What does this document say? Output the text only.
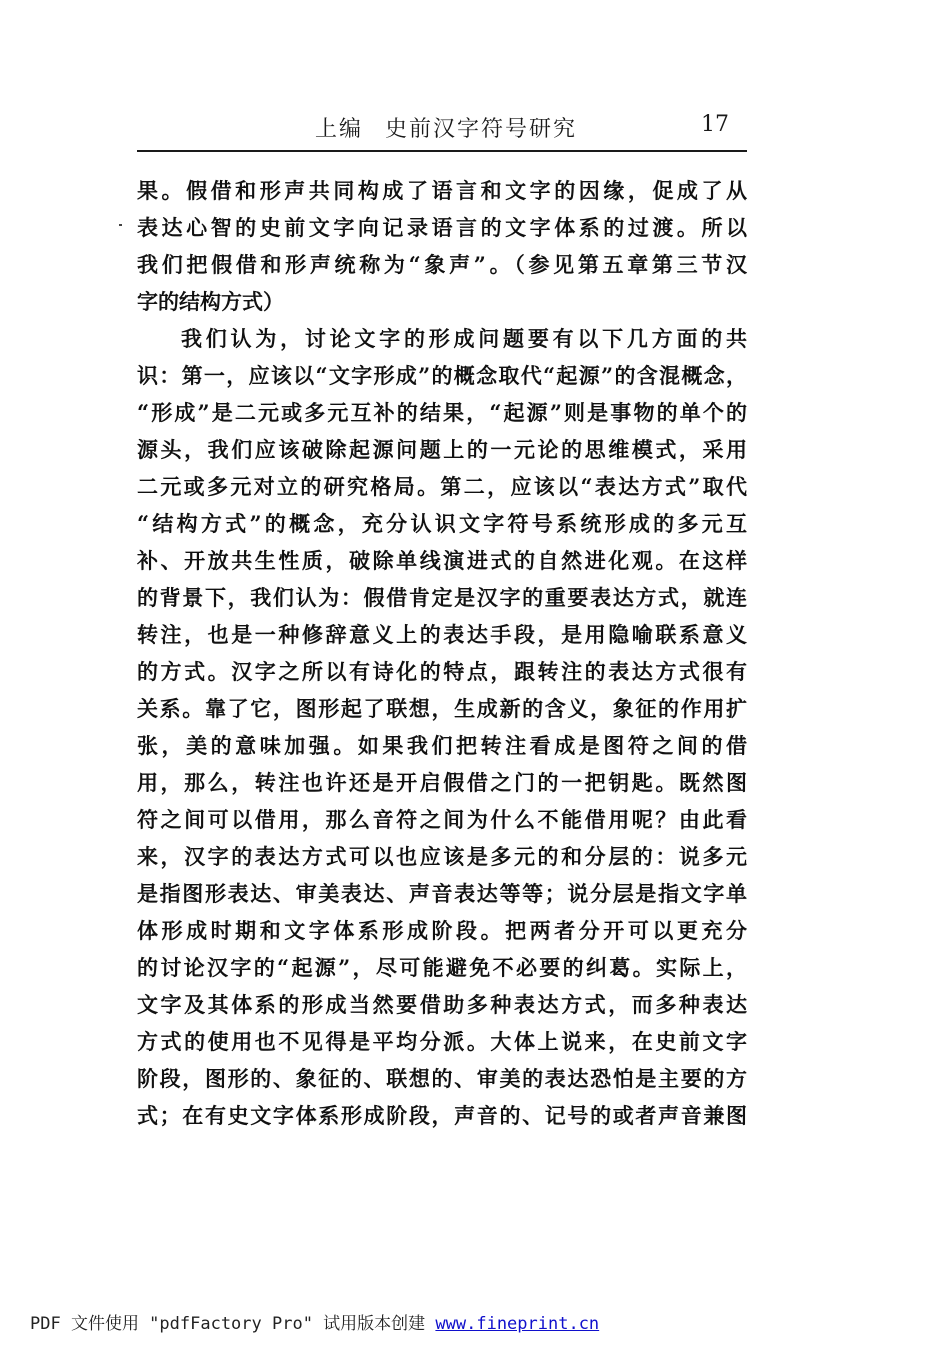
上编 史前汉字符号研究	17
果。假借和形声共同构成了语言和文字的因缘，促成了从
表达心智的史前文字向记录语言的文字体系的过渡。所以
我们把假借和形声统称为“象声”。（参见第五章第三节汉
字的结构方式）
我们认为，讨论文字的形成问题要有以下几方面的共
识：第一，应该以“文字形成”的概念取代“起源”的含混概念，
“形成”是二元或多元互补的结果，“起源”则是事物的单个的
源头，我们应该破除起源问题上的一元论的思维模式，采用
二元或多元对立的研究格局。第二，应该以“表达方式”取代
“结构方式”的概念，充分认识文字符号系统形成的多元互
补、开放共生性质，破除单线演进式的自然进化观。在这样
的背景下，我们认为：假借肯定是汉字的重要表达方式，就连
转注，也是一种修辞意义上的表达手段，是用隐喻联系意义
的方式。汉字之所以有诗化的特点，跟转注的表达方式很有
关系。靠了它，图形起了联想，生成新的含义，象征的作用扩
张，美的意味加强。如果我们把转注看成是图符之间的借
用，那么，转注也许还是开启假借之门的一把钥匙。既然图
符之间可以借用，那么音符之间为什么不能借用呢？由此看
来，汉字的表达方式可以也应该是多元的和分层的：说多元
是指图形表达、审美表达、声音表达等等；说分层是指文字单
体形成时期和文字体系形成阶段。把两者分开可以更充分
的讨论汉字的“起源”，尽可能避免不必要的纠葛。实际上，
文字及其体系的形成当然要借助多种表达方式，而多种表达
方式的使用也不见得是平均分派。大体上说来，在史前文字
阶段，图形的、象征的、联想的、审美的表达恐怕是主要的方
式；在有史文字体系形成阶段，声音的、记号的或者声音兼图
PDF 文件使用 "pdfFactory Pro" 试用版本创建 www.fineprint.cn
